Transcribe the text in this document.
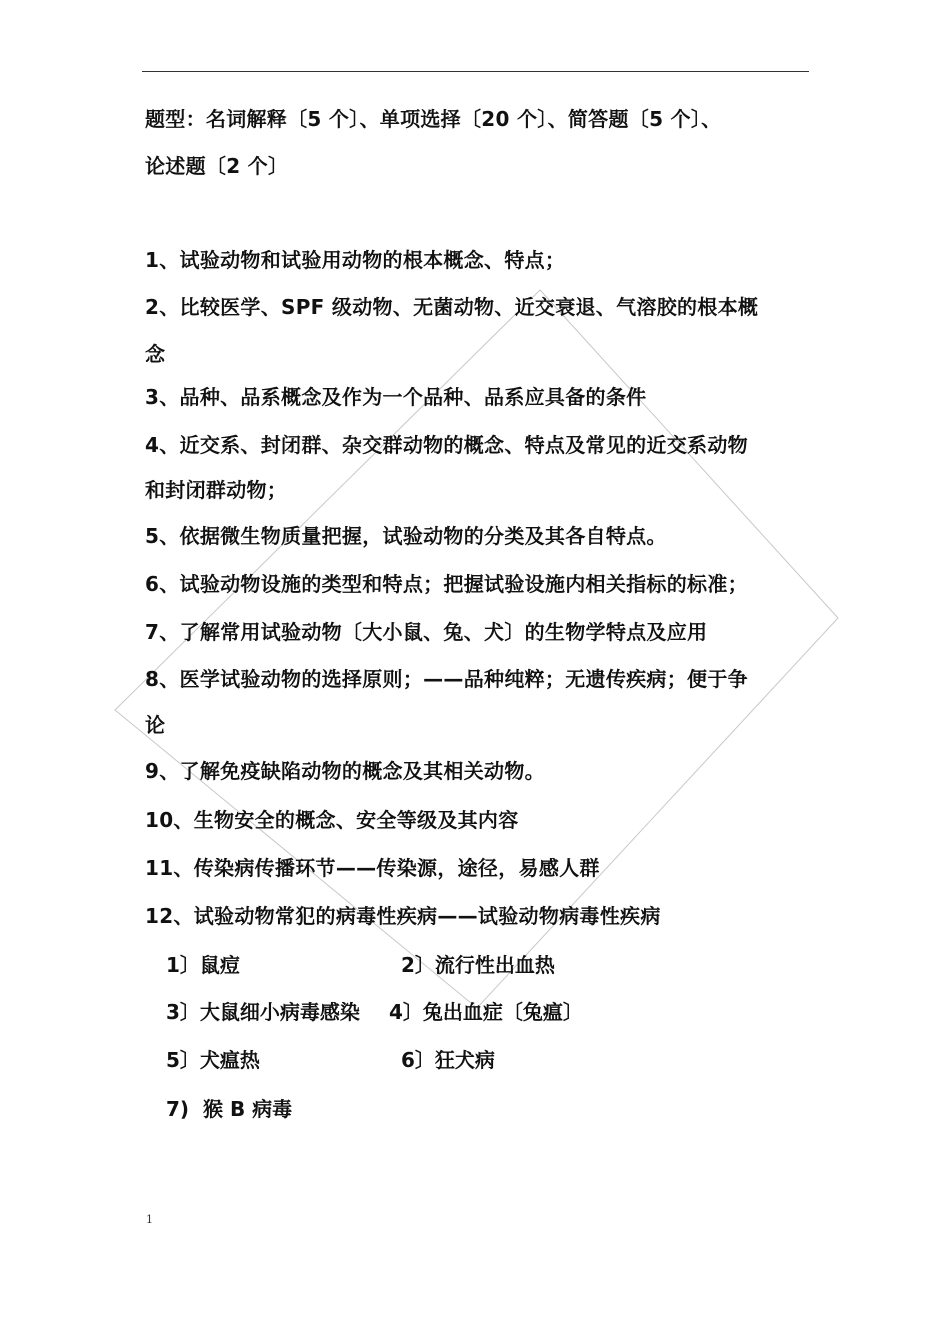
题型：名词解释〔5 个〕、单项选择〔20 个〕、简答题〔5 个〕、
论述题〔2 个〕
1、试验动物和试验用动物的根本概念、特点；
2、比较医学、SPF 级动物、无菌动物、近交衰退、气溶胶的根本概
念
3、品种、品系概念及作为一个品种、品系应具备的条件
4、近交系、封闭群、杂交群动物的概念、特点及常见的近交系动物
和封闭群动物；
5、依据微生物质量把握，试验动物的分类及其各自特点。
6、试验动物设施的类型和特点；把握试验设施内相关指标的标准；
7、了解常用试验动物〔大小鼠、兔、犬〕的生物学特点及应用
8、医学试验动物的选择原则；——品种纯粹；无遗传疾病；便于争
论
9、了解免疫缺陷动物的概念及其相关动物。
10、生物安全的概念、安全等级及其内容
11、传染病传播环节——传染源，途径，易感人群
12、试验动物常犯的病毒性疾病——试验动物病毒性疾病
1〕鼠痘	2〕流行性出血热
3〕大鼠细小病毒感染 4〕兔出血症〔兔瘟〕
5〕犬瘟热	6〕狂犬病
7)  猴 B 病毒
1
